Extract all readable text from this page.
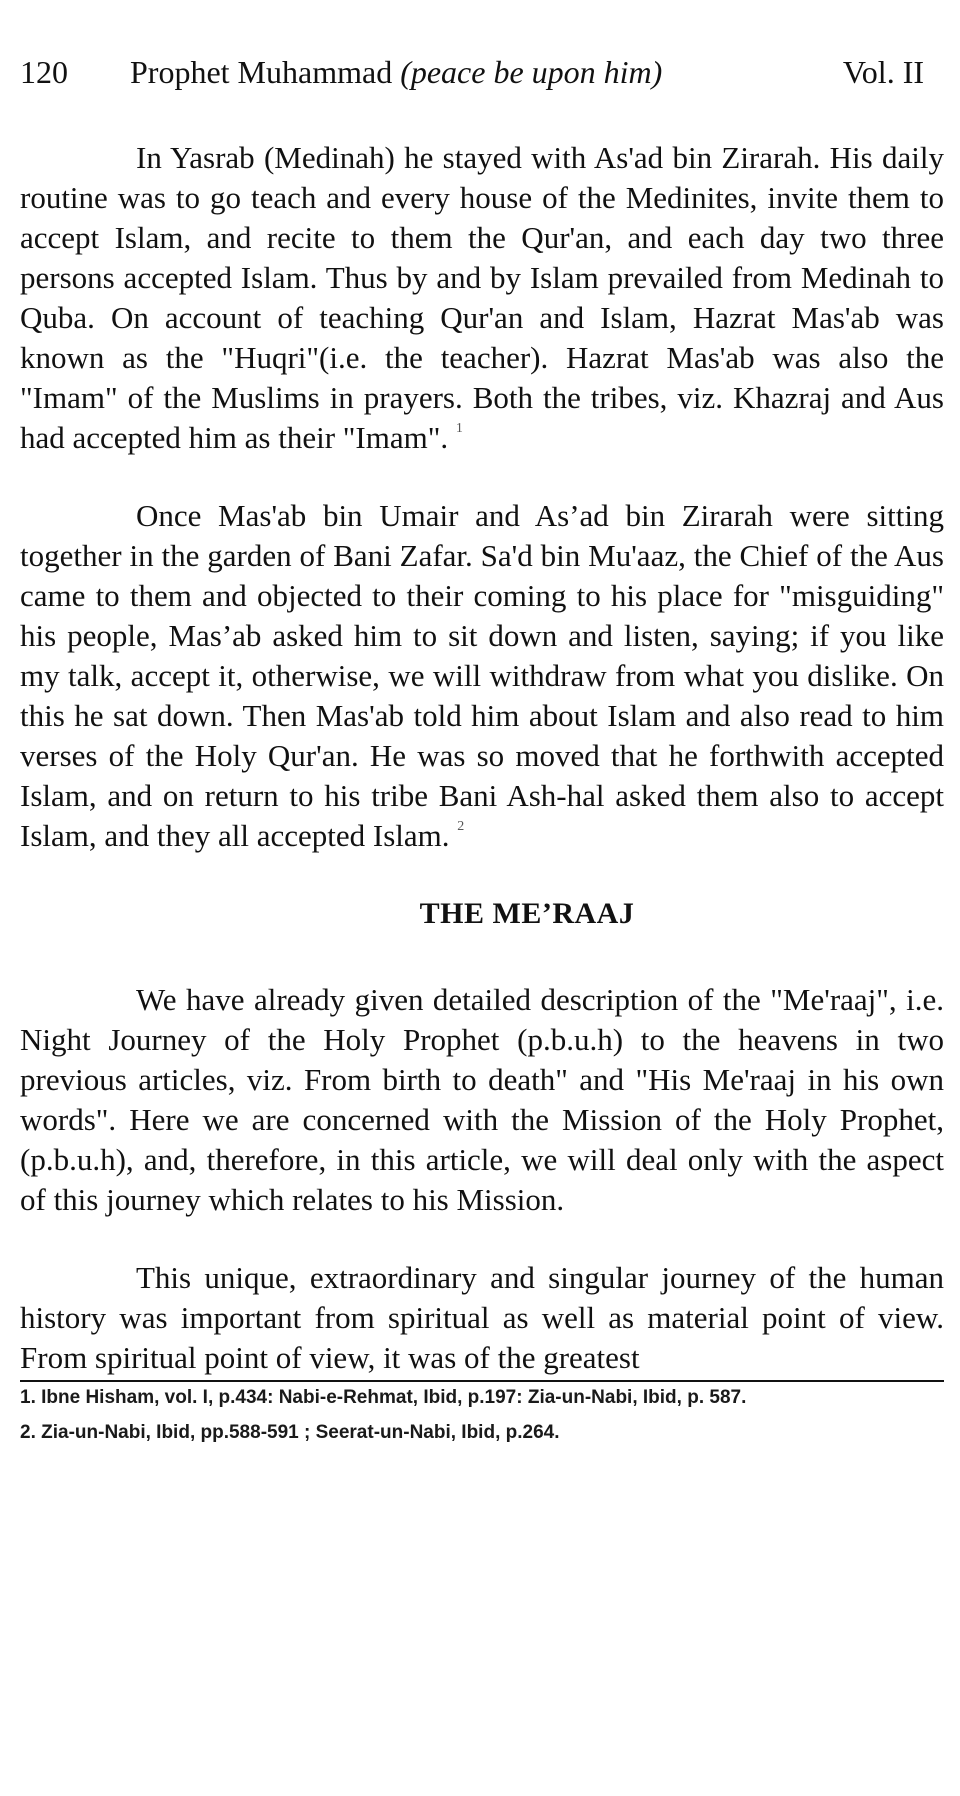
120	Prophet Muhammad (peace be upon him)	Vol. II

In Yasrab (Medinah) he stayed with As'ad bin Zirarah. His daily routine was to go teach and every house of the Medinites, invite them to accept Islam, and recite to them the Qur'an, and each day two three persons accepted Islam. Thus by and by Islam prevailed from Medinah to Quba. On account of teaching Qur'an and Islam, Hazrat Mas'ab was known as the "Huqri"(i.e. the teacher). Hazrat Mas'ab was also the "Imam" of the Muslims in prayers. Both the tribes, viz. Khazraj and Aus had accepted him as their "Imam". $^1$

Once Mas'ab bin Umair and As’ad bin Zirarah were sitting together in the garden of Bani Zafar. Sa'd bin Mu'aaz, the Chief of the Aus came to them and objected to their coming to his place for "misguiding" his people, Mas’ab asked him to sit down and listen, saying; if you like my talk, accept it, otherwise, we will withdraw from what you dislike. On this he sat down. Then Mas'ab told him about Islam and also read to him verses of the Holy Qur'an. He was so moved that he forthwith accepted Islam, and on return to his tribe Bani Ash-hal asked them also to accept Islam, and they all accepted Islam. $^2$

THE ME’RAAJ

We have already given detailed description of the "Me'raaj", i.e. Night Journey of the Holy Prophet (p.b.u.h) to the heavens in two previous articles, viz. From birth to death" and "His Me'raaj in his own words". Here we are concerned with the Mission of the Holy Prophet, (p.b.u.h), and, therefore, in this article, we will deal only with the aspect of this journey which relates to his Mission.

This unique, extraordinary and singular journey of the human history was important from spiritual as well as material point of view. From spiritual point of view, it was of the greatest

1. Ibne Hisham, vol. I, p.434: Nabi-e-Rehmat, Ibid, p.197: Zia-un-Nabi, Ibid, p. 587.

2. Zia-un-Nabi, Ibid, pp.588-591 ; Seerat-un-Nabi, Ibid, p.264.
